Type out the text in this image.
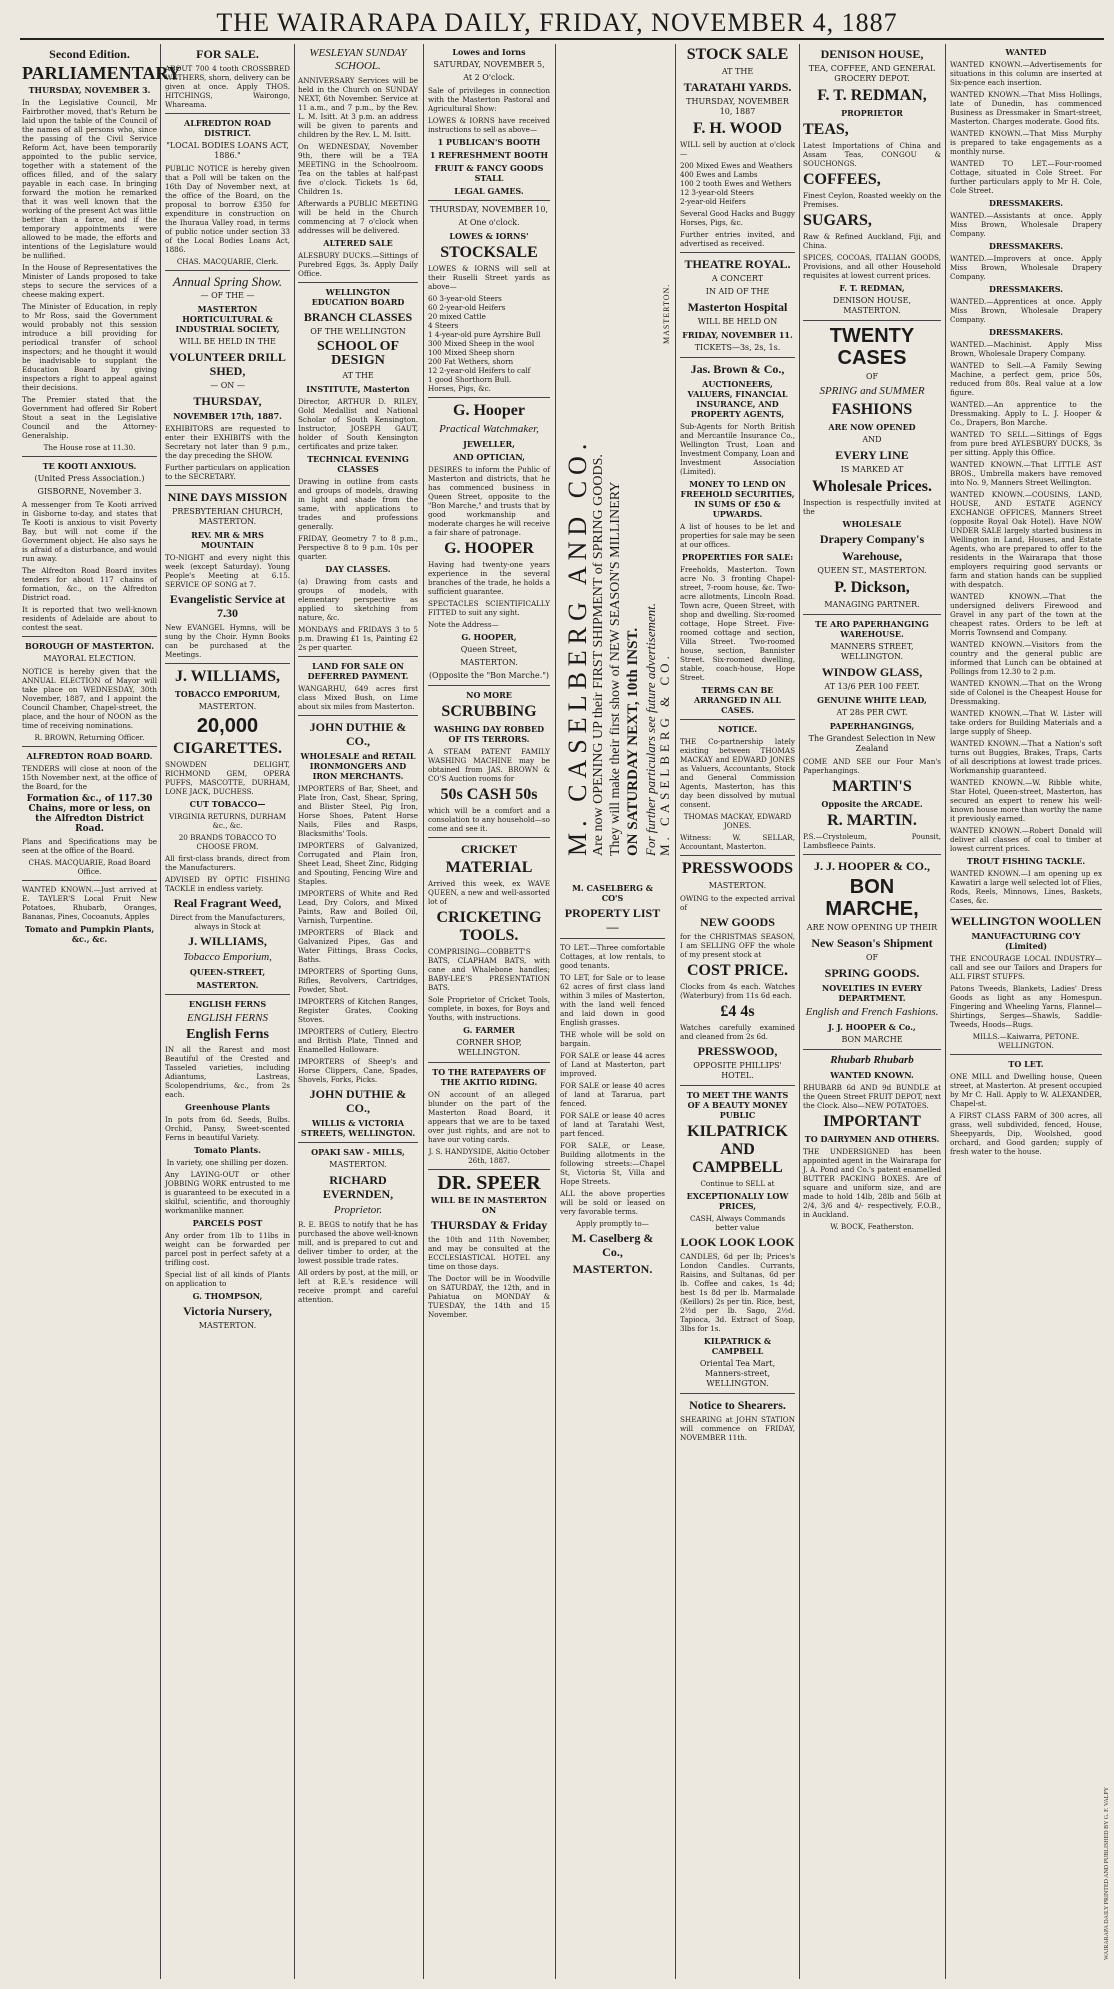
THE WAIRARAPA DAILY, FRIDAY, NOVEMBER 4, 1887
Second Edition.
PARLIAMENTARY
THURSDAY, NOVEMBER 3.

In the Legislative Council, Mr Fairbrother moved, that's Return be laid upon the table of the Council of the names of all persons who, since the passing of the Civil Service Reform Act, have been temporarily appointed to the public service, together with a statement of the offices filled, and of the salary payable in each case. In bringing forward the motion he remarked that it was well known that the working of the present Act was little better than a farce, and if the temporary appointments were allowed to be made, the efforts and intentions of the Legislature would be nullified.

In the House of Representatives the Minister of Lands proposed to take steps to secure the services of a cheese making expert.

The Minister of Education, in reply to Mr Ross, said the Government would probably not this session introduce a bill providing for periodical transfer of school inspectors; and he thought it would be inadvisable to supplant the Education Board by giving inspectors a right to appeal against their decisions.

The Premier stated that the Government had offered Sir Robert Stout a seat in the Legislative Council and the Attorney-Generalship.

The House rose at 11.30.

TE KOOTI ANXIOUS.
(United Press Association.)
GISBORNE, November 3.

A messenger from Te Kooti arrived in Gisborne to-day, and states that Te Kooti is anxious to visit Poverty Bay, but will not come if the Government object. He also says he is afraid of a disturbance, and would run away.

The Alfredton Road Board invites tenders for about 117 chains of formation, &c., on the Alfredton District road.

It is reported that two well-known residents of Adelaide are about to contest the seat.

BOROUGH OF MASTERTON.
MAYORAL ELECTION.

NOTICE is hereby given that the ANNUAL ELECTION of Mayor will take place on WEDNESDAY, 30th November, 1887, and I appoint the Council Chamber, Chapel-street, the place, and the hour of NOON as the time of receiving nominations.

R. BROWN, Returning Officer.

ALFREDTON ROAD BOARD.

TENDERS will close at noon of the 15th November next, at the office of the Board, for the

Formation &c., of 117.30 Chains, more or less, on the Alfredton District Road.

Plans and Specifications may be seen at the office of the Board.

CHAS. MACQUARIE, Road Board Office.

WANTED KNOWN.—Just arrived at E. TAYLER'S Local Fruit New Potatoes, Rhubarb, Oranges, Bananas, Pines, Cocoanuts, Apples

Tomato and Pumpkin Plants, &c., &c.
FOR SALE.

ABOUT 700 4 tooth CROSSBRED WETHERS, shorn, delivery can be given at once. Apply THOS. HITCHINGS, Wairongo, Whareama.

ALFREDTON ROAD DISTRICT.
"LOCAL BODIES LOANS ACT, 1886."

PUBLIC NOTICE is hereby given that a Poll will be taken on the 16th Day of November next, at the office of the Board, on the proposal to borrow £350 for expenditure in construction on the Ihuraua Valley road, in terms of public notice under section 33 of the Local Bodies Loans Act, 1886.

CHAS. MACQUARIE, Clerk.

Annual Spring Show.
— OF THE —
MASTERTON HORTICULTURAL & INDUSTRIAL SOCIETY,
WILL BE HELD IN THE
VOLUNTEER DRILL SHED,
— ON —
THURSDAY,
NOVEMBER 17th, 1887.

EXHIBITORS are requested to enter their EXHIBITS with the Secretary not later than 9 p.m., the day preceding the SHOW.

Further particulars on application to the SECRETARY.

NINE DAYS MISSION
PRESBYTERIAN CHURCH, MASTERTON.
REV. MR & MRS MOUNTAIN

TO-NIGHT and every night this week (except Saturday). Young People's Meeting at 6.15. SERVICE OF SONG at 7.

Evangelistic Service at 7.30

New EVANGEL Hymns, will be sung by the Choir. Hymn Books can be purchased at the Meetings.

J. WILLIAMS,
TOBACCO EMPORIUM,
MASTERTON.
20,000
CIGARETTES.

SNOWDEN DELIGHT, RICHMOND GEM, OPERA PUFFS, MASCOTTE, DURHAM, LONE JACK, DUCHESS.

CUT TOBACCO—

VIRGINIA RETURNS, DURHAM &c., &c.

20 BRANDS TOBACCO TO CHOOSE FROM.

All first-class brands, direct from the Manufacturers.

ADVISED BY OPTIC FISHING TACKLE in endless variety.

Real Fragrant Weed,

Direct from the Manufacturers, always in Stock at

J. WILLIAMS,
Tobacco Emporium,
QUEEN-STREET,
MASTERTON.
ENGLISH FERNS
ENGLISH FERNS
English Ferns

IN all the Rarest and most Beautiful of the Crested and Tasseled varieties, including Adiantums, Lastreas, Scolopendriums, &c., from 2s each.

Greenhouse Plants

In pots from 6d. Seeds, Bulbs. Orchid, Pansy, Sweet-scented Ferns in beautiful Variety.

Tomato Plants.

In variety, one shilling per dozen.

Any LAYING-OUT or other JOBBING WORK entrusted to me is guaranteed to be executed in a skilful, scientific, and thoroughly workmanlike manner.

PARCELS POST

Any order from 1lb to 11lbs in weight can be forwarded per parcel post in perfect safety at a trifling cost.

Special list of all kinds of Plants on application to

G. THOMPSON,
Victoria Nursery,
MASTERTON.
WESLEYAN SUNDAY SCHOOL.

ANNIVERSARY Services will be held in the Church on SUNDAY NEXT, 6th November. Service at 11 a.m., and 7 p.m., by the Rev. L. M. Isitt. At 3 p.m. an address will be given to parents and children by the Rev. L. M. Isitt.

On WEDNESDAY, November 9th, there will be a TEA MEETING in the Schoolroom. Tea on the tables at half-past five o'clock. Tickets 1s 6d, Children 1s.

Afterwards a PUBLIC MEETING will be held in the Church commencing at 7 o'clock when addresses will be delivered.

ALTERED SALE

ALESBURY DUCKS.—Sittings of Purebred Eggs, 3s. Apply Daily Office.

WELLINGTON EDUCATION BOARD
BRANCH CLASSES
OF THE WELLINGTON
SCHOOL OF DESIGN
AT THE
INSTITUTE, Masterton

Director, ARTHUR D. RILEY, Gold Medallist and National Scholar of South Kensington. Instructor, JOSEPH GAUT, holder of South Kensington certificates and prize taker.

TECHNICAL EVENING CLASSES

Drawing in outline from casts and groups of models, drawing in light and shade from the same, with applications to trades and professions generally.

FRIDAY, Geometry 7 to 8 p.m., Perspective 8 to 9 p.m. 10s per quarter.

DAY CLASSES.

(a) Drawing from casts and groups of models, with elementary perspective as applied to sketching from nature, &c.

MONDAYS and FRIDAYS 3 to 5 p.m. Drawing £1 1s, Painting £2 2s per quarter.

LAND FOR SALE ON DEFERRED PAYMENT.

WANGARHU, 649 acres first class Mixed Bush, on Lime about six miles from Masterton.

JOHN DUTHIE & CO.,
WHOLESALE and RETAIL IRONMONGERS AND IRON MERCHANTS.

IMPORTERS of Bar, Sheet, and Plate Iron, Cast, Shear, Spring, and Blister Steel, Pig Iron, Horse Shoes, Patent Horse Nails, Files and Rasps, Blacksmiths' Tools.

IMPORTERS of Galvanized, Corrugated and Plain Iron, Sheet Lead, Sheet Zinc, Ridging and Spouting, Fencing Wire and Staples.

IMPORTERS of White and Red Lead, Dry Colors, and Mixed Paints, Raw and Boiled Oil, Varnish, Turpentine.

IMPORTERS of Black and Galvanized Pipes, Gas and Water Fittings, Brass Cocks, Baths.

IMPORTERS of Sporting Guns, Rifles, Revolvers, Cartridges, Powder, Shot.

IMPORTERS of Kitchen Ranges, Register Grates, Cooking Stoves.

IMPORTERS of Cutlery, Electro and British Plate, Tinned and Enamelled Holloware.

IMPORTERS of Sheep's and Horse Clippers, Cane, Spades, Shovels, Forks, Picks.

JOHN DUTHIE & CO.,
WILLIS & VICTORIA STREETS, WELLINGTON.
OPAKI SAW - MILLS,
MASTERTON.
RICHARD EVERNDEN,
Proprietor.

R. E. BEGS to notify that he has purchased the above well-known mill, and is prepared to cut and deliver timber to order, at the lowest possible trade rates.

All orders by post, at the mill, or left at R.E.'s residence will receive prompt and careful attention.

Lowes and Iorns
SATURDAY, NOVEMBER 5,
At 2 O'clock.

Sale of privileges in connection with the Masterton Pastoral and Agricultural Show:

LOWES & IORNS have received instructions to sell as above—

1 PUBLICAN'S BOOTH
1 REFRESHMENT BOOTH
FRUIT & FANCY GOODS STALL
LEGAL GAMES.
THURSDAY, NOVEMBER 10,
At One o'clock.
LOWES & IORNS'
STOCKSALE

LOWES & IORNS will sell at their Ruselli Street yards as above—

60 3-year-old Steers
60 2-year-old Heifers
20 mixed Cattle
4 Steers
1 4-year-old pure Ayrshire Bull
300 Mixed Sheep in the wool
100 Mixed Sheep shorn
200 Fat Wethers, shorn
12 2-year-old Heifers to calf
1 good Shorthorn Bull.
Horses, Pigs, &c.

G. Hooper
Practical Watchmaker,
JEWELLER,
AND OPTICIAN,

DESIRES to inform the Public of Masterton and districts, that he has commenced business in Queen Street, opposite to the "Bon Marche," and trusts that by good workmanship and moderate charges he will receive a fair share of patronage.

G. HOOPER

Having had twenty-one years experience in the several branches of the trade, he holds a sufficient guarantee.

SPECTACLES SCIENTIFICALLY FITTED to suit any sight.

Note the Address—

G. HOOPER,
Queen Street,
MASTERTON.
(Opposite the "Bon Marche.")
NO MORE
SCRUBBING
WASHING DAY ROBBED OF ITS TERRORS.

A STEAM PATENT FAMILY WASHING MACHINE may be obtained from JAS. BROWN & CO'S Auction rooms for

50s CASH 50s

which will be a comfort and a consolation to any household—so come and see it.

CRICKET
MATERIAL

Arrived this week, ex WAVE QUEEN, a new and well-assorted lot of

CRICKETING TOOLS.

COMPRISING—COBBETT'S BATS, CLAPHAM BATS, with cane and Whalebone handles; BABY-LEE'S PRESENTATION BATS.

Sole Proprietor of Cricket Tools, complete, in boxes, for Boys and Youths, with instructions.

G. FARMER
CORNER SHOP, WELLINGTON.
TO THE RATEPAYERS OF THE AKITIO RIDING.

ON account of an alleged blunder on the part of the Masterton Road Board, it appears that we are to be taxed over just rights, and are not to have our voting cards.

J. S. HANDYSIDE, Akitio October 26th, 1887.

DR. SPEER
WILL BE IN MASTERTON ON
THURSDAY & Friday

the 10th and 11th November, and may be consulted at the ECCLESIASTICAL HOTEL any time on those days.

The Doctor will be in Woodville on SATURDAY, the 12th, and in Pahiatua on MONDAY & TUESDAY, the 14th and 15 November.

M. CASELBERG AND CO. Are now OPENING UP their FIRST SHIPMENT of SPRING GOODS. They will make their first show of NEW SEASON'S MILLINERY ON SATURDAY NEXT, 10th INST. For further particulars see future advertisement. M. CASELBERG & CO.
MASTERTON.
M. CASELBERG & CO'S
PROPERTY LIST—

TO LET.—Three comfortable Cottages, at low rentals, to good tenants.

TO LET, for Sale or to lease 62 acres of first class land within 3 miles of Masterton, with the land well fenced and laid down in good English grasses.

THE whole will be sold on bargain.

FOR SALE or lease 44 acres of Land at Masterton, part improved.

FOR SALE or lease 40 acres of land at Tararua, part fenced.

FOR SALE or lease 40 acres of land at Taratahi West, part fenced.

FOR SALE, or Lease, Building allotments in the following streets:—Chapel St, Victoria St, Villa and Hope Streets.

ALL the above properties will be sold or leased on very favorable terms.

Apply promptly to—

M. Caselberg & Co.,
MASTERTON.
STOCK SALE
AT THE
TARATAHI YARDS.
THURSDAY, NOVEMBER 10, 1887
F. H. WOOD

WILL sell by auction at o'clock—

200 Mixed Ewes and Weathers
400 Ewes and Lambs
100 2 tooth Ewes and Wethers
12 3-year-old Steers
2-year-old Heifers

Several Good Hacks and Buggy Horses, Pigs, &c.

Further entries invited, and advertised as received.

THEATRE ROYAL.
A CONCERT
IN AID OF THE
Masterton Hospital
WILL BE HELD ON
FRIDAY, NOVEMBER 11.
TICKETS—3s, 2s, 1s.
Jas. Brown & Co.,
AUCTIONEERS, VALUERS, FINANCIAL INSURANCE, AND PROPERTY AGENTS,

Sub-Agents for North British and Mercantile Insurance Co., Wellington Trust, Loan and Investment Company, Loan and Investment Association (Limited).

MONEY TO LEND ON FREEHOLD SECURITIES, IN SUMS OF £50 & UPWARDS.

A list of houses to be let and properties for sale may be seen at our offices.

PROPERTIES FOR SALE:

Freeholds, Masterton. Town acre No. 3 fronting Chapel-street, 7-room house, &c. Two-acre allotments, Lincoln Road. Town acre, Queen Street, with shop and dwelling. Six-roomed cottage, Hope Street. Five-roomed cottage and section, Villa Street. Two-roomed house, section, Bannister Street. Six-roomed dwelling, stable, coach-house, Hope Street.

TERMS CAN BE ARRANGED IN ALL CASES.
NOTICE.

THE Co-partnership lately existing between THOMAS MACKAY and EDWARD JONES as Valuers, Accountants, Stock and General Commission Agents, Masterton, has this day been dissolved by mutual consent.

THOMAS MACKAY, EDWARD JONES.

Witness: W. SELLAR, Accountant, Masterton.

PRESSWOODS
MASTERTON.

OWING to the expected arrival of

NEW GOODS

for the CHRISTMAS SEASON, I am SELLING OFF the whole of my present stock at

COST PRICE.

Clocks from 4s each. Watches (Waterbury) from 11s 6d each.

£4 4s

Watches carefully examined and cleaned from 2s 6d.

PRESSWOOD,
OPPOSITE PHILLIPS' HOTEL.
TO MEET THE WANTS OF A BEAUTY MONEY PUBLIC
KILPATRICK AND CAMPBELL

Continue to SELL at

EXCEPTIONALLY LOW PRICES,

CASH, Always Commands better value

LOOK LOOK LOOK

CANDLES, 6d per lb; Prices's London Candles. Currants, Raisins, and Sultanas, 6d per lb. Coffee and cakes, 1s 4d; best 1s 8d per lb. Marmalade (Keillors) 2s per tin. Rice, best, 2½d per lb. Sago, 2½d. Tapioca, 3d. Extract of Soap, 3lbs for 1s.

KILPATRICK & CAMPBELL
Oriental Tea Mart, Manners-street, WELLINGTON.
Notice to Shearers.

SHEARING at JOHN STATION will commence on FRIDAY, NOVEMBER 11th.

DENISON HOUSE,
TEA, COFFEE, AND GENERAL GROCERY DEPOT.
F. T. REDMAN,
PROPRIETOR
TEAS,

Latest Importations of China and Assam Teas, CONGOU & SOUCHONGS.

COFFEES,

Finest Ceylon, Roasted weekly on the Premises.

SUGARS,

Raw & Refined Auckland, Fiji, and China.

SPICES, COCOAS, ITALIAN GOODS, Provisions, and all other Household requisites at lowest current prices.

F. T. REDMAN,
DENISON HOUSE, MASTERTON.
TWENTY CASES
OF
SPRING and SUMMER
FASHIONS
ARE NOW OPENED
AND
EVERY LINE
IS MARKED AT
Wholesale Prices.

Inspection is respectfully invited at the

WHOLESALE
Drapery Company's
Warehouse,
QUEEN ST., MASTERTON.
P. Dickson,
MANAGING PARTNER.
TE ARO PAPERHANGING WAREHOUSE.
MANNERS STREET, WELLINGTON.
WINDOW GLASS,
AT 13/6 PER 100 FEET.
GENUINE WHITE LEAD,
AT 28s PER CWT.
PAPERHANGINGS,
The Grandest Selection in New Zealand

COME AND SEE our Four Man's Paperhangings.

MARTIN'S
Opposite the ARCADE.
R. MARTIN.

P.S.—Crystoleum, Pounsit, Lambsfleece Paints.

J. J. HOOPER & CO.,
BON MARCHE,
ARE NOW OPENING UP THEIR
New Season's Shipment
OF
SPRING GOODS.
NOVELTIES IN EVERY DEPARTMENT.
English and French Fashions.
J. J. HOOPER & Co.,
BON MARCHE
Rhubarb Rhubarb
WANTED KNOWN.

RHUBARB 6d AND 9d BUNDLE at the Queen Street FRUIT DEPOT, next the Clock. Also—NEW POTATOES.

IMPORTANT
TO DAIRYMEN AND OTHERS.

THE UNDERSIGNED has been appointed agent in the Wairarapa for J. A. Pond and Co.'s patent enamelled BUTTER PACKING BOXES. Are of square and uniform size, and are made to hold 14lb, 28lb and 56lb at 2/4, 3/6 and 4/- respectively, F.O.B., in Auckland.

W. BOCK, Featherston.

WANTED

WANTED KNOWN.—Advertisements for situations in this column are inserted at Six-pence each insertion.

WANTED KNOWN.—That Miss Hollings, late of Dunedin, has commenced Business as Dressmaker in Smart-street, Masterton. Charges moderate. Good fits.

WANTED KNOWN.—That Miss Murphy is prepared to take engagements as a monthly nurse.

WANTED TO LET.—Four-roomed Cottage, situated in Cole Street. For further particulars apply to Mr H. Cole, Cole Street.

DRESSMAKERS.

WANTED.—Assistants at once. Apply Miss Brown, Wholesale Drapery Company.

DRESSMAKERS.

WANTED.—Improvers at once. Apply Miss Brown, Wholesale Drapery Company.

DRESSMAKERS.

WANTED.—Apprentices at once. Apply Miss Brown, Wholesale Drapery Company.

DRESSMAKERS.

WANTED.—Machinist. Apply Miss Brown, Wholesale Drapery Company.

WANTED to Sell.—A Family Sewing Machine, a perfect gem, price 50s, reduced from 80s. Real value at a low figure.

WANTED.—An apprentice to the Dressmaking. Apply to L. J. Hooper & Co., Drapers, Bon Marche.

WANTED TO SELL.—Sittings of Eggs from pure bred AYLESBURY DUCKS, 3s per sitting. Apply this Office.

WANTED KNOWN.—That LITTLE AST BROS., Umbrella makers have removed into No. 9, Manners Street Wellington.

WANTED KNOWN.—COUSINS, LAND, HOUSE, AND ESTATE AGENCY EXCHANGE OFFICES, Manners Street (opposite Royal Oak Hotel). Have NOW UNDER SALE largely started business in Wellington in Land, Houses, and Estate Agents, who are prepared to offer to the residents in the Wairarapa that those employers requiring good servants or farm and station hands can be supplied with despatch.

WANTED KNOWN.—That the undersigned delivers Firewood and Gravel in any part of the town at the cheapest rates. Orders to be left at Morris Townsend and Company.

WANTED KNOWN.—Visitors from the country and the general public are informed that Lunch can be obtained at Pollings from 12.30 to 2 p.m.

WANTED KNOWN.—That on the Wrong side of Colonel is the Cheapest House for Dressmaking.

WANTED KNOWN.—That W. Lister will take orders for Building Materials and a large supply of Sheep.

WANTED KNOWN.—That a Nation's soft turns out Buggies, Brakes, Traps, Carts of all descriptions at lowest trade prices. Workmanship guaranteed.

WANTED KNOWN.—W. Ribble white, Star Hotel, Queen-street, Masterton, has secured an expert to renew his well-known house more than worthy the name it previously earned.

WANTED KNOWN.—Robert Donald will deliver all classes of coal to timber at lowest current prices.

TROUT FISHING TACKLE.

WANTED KNOWN.—I am opening up ex Kawatiri a large well selected lot of Flies, Rods, Reels, Minnows, Lines, Baskets, Cases, &c.

WELLINGTON WOOLLEN
MANUFACTURING CO'Y (Limited)

THE ENCOURAGE LOCAL INDUSTRY—call and see our Tailors and Drapers for ALL FIRST STUFFS.

Patons Tweeds, Blankets, Ladies' Dress Goods as light as any Homespun. Fingering and Wheeling Yarns, Flannel—Shirtings, Serges—Shawls, Saddle-Tweeds, Hoods—Rugs.

MILLS.—Kaiwarra, PETONE. WELLINGTON.

TO LET.

ONE MILL and Dwelling house, Queen street, at Masterton. At present occupied by Mr C. Hall. Apply to W. ALEXANDER, Chapel-st.

A FIRST CLASS FARM of 300 acres, all grass, well subdivided, fenced, House, Sheepyards, Dip, Woolshed, good orchard, and Good garden; supply of fresh water to the house.

WAIRARAPA DAILY PRINTED AND PUBLISHED BY G. F. VALPY
